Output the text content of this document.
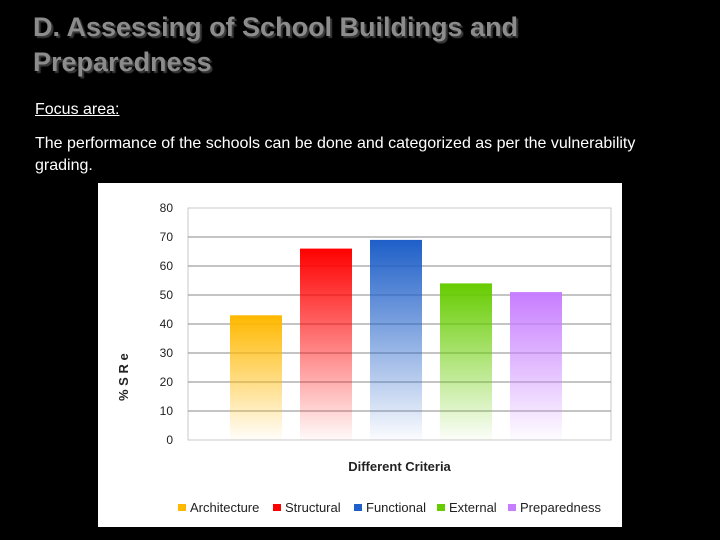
D. Assessing of School Buildings and Preparedness

Focus area:

The performance of the schools can be done and categorized as per the vulnerability grading.

0
10
20
30
40
50
60
70
80
% S R e
Different Criteria
Architecture Structural Functional External Preparedness
